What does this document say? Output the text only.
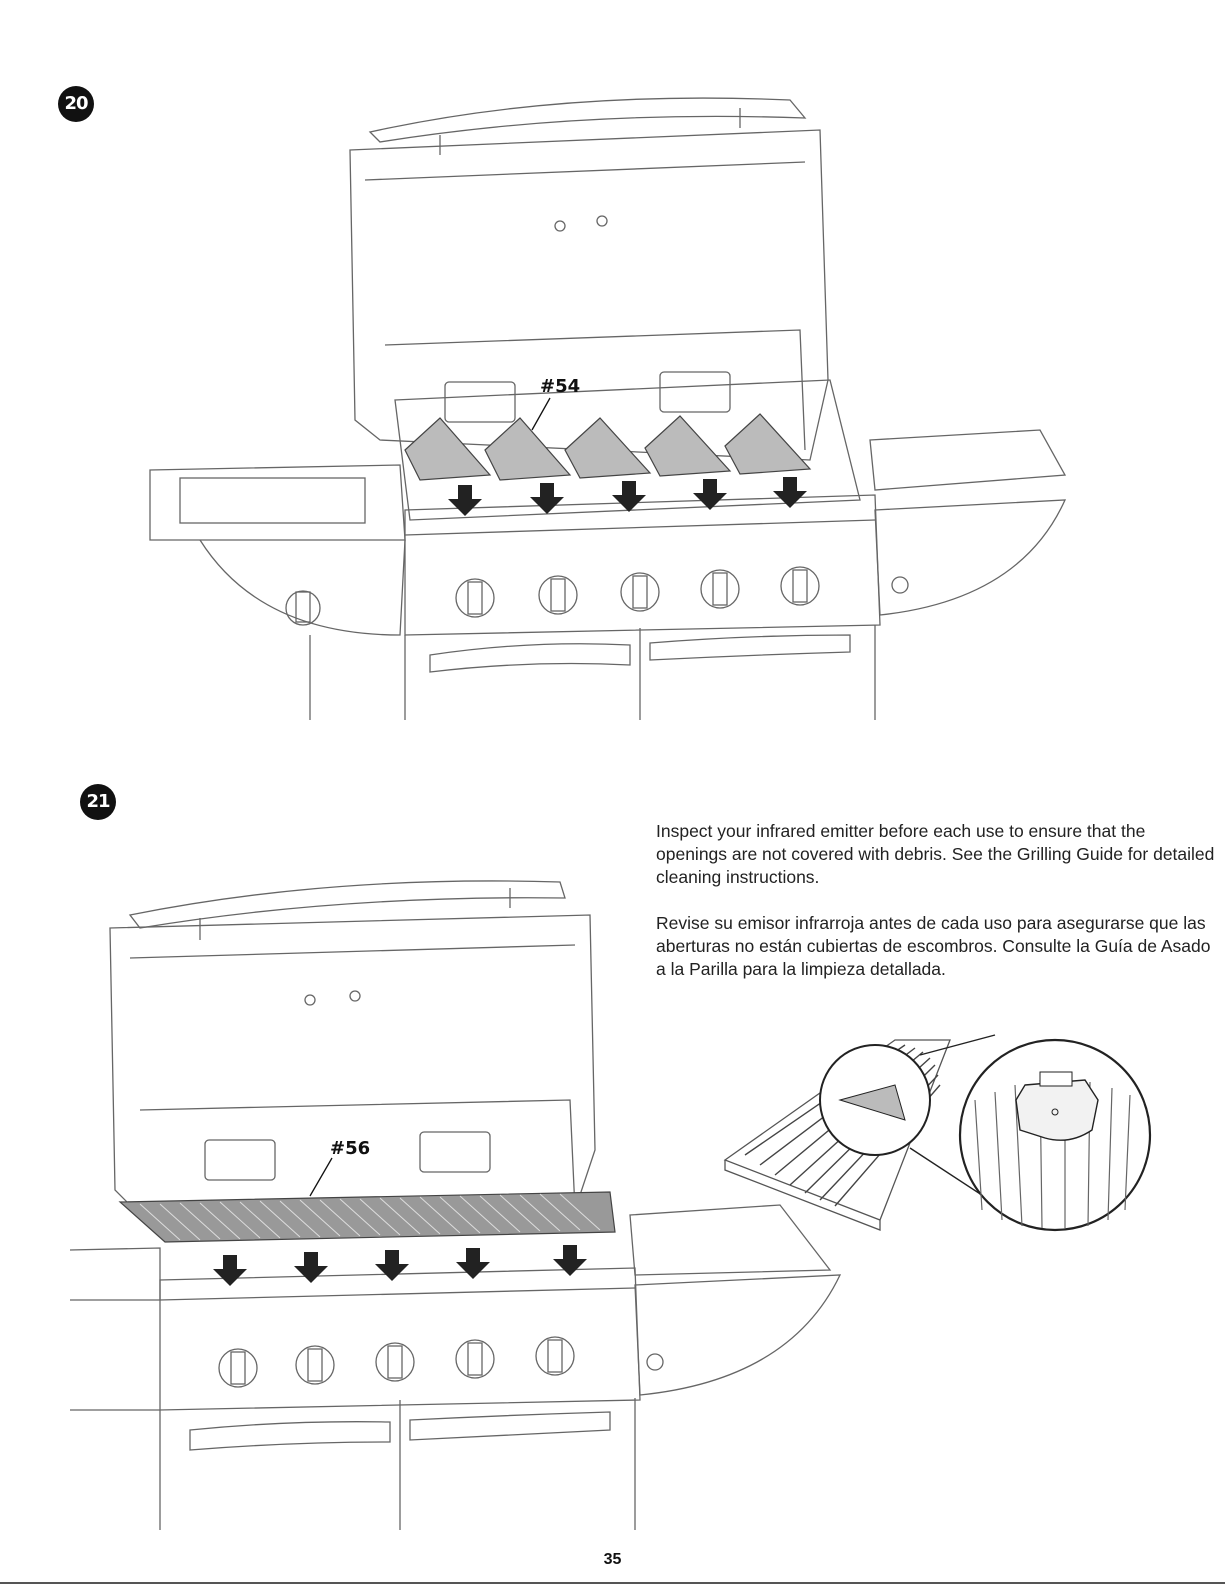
20
#54
21
Inspect your infrared emitter before each use to ensure that the openings are not covered with debris. See the Grilling Guide for detailed cleaning instructions.
Revise su emisor infrarroja antes de cada uso para asegurarse que las aberturas no están cubiertas de escombros. Consulte la Guía de Asado a la Parilla para la limpieza detallada.
#56
35
